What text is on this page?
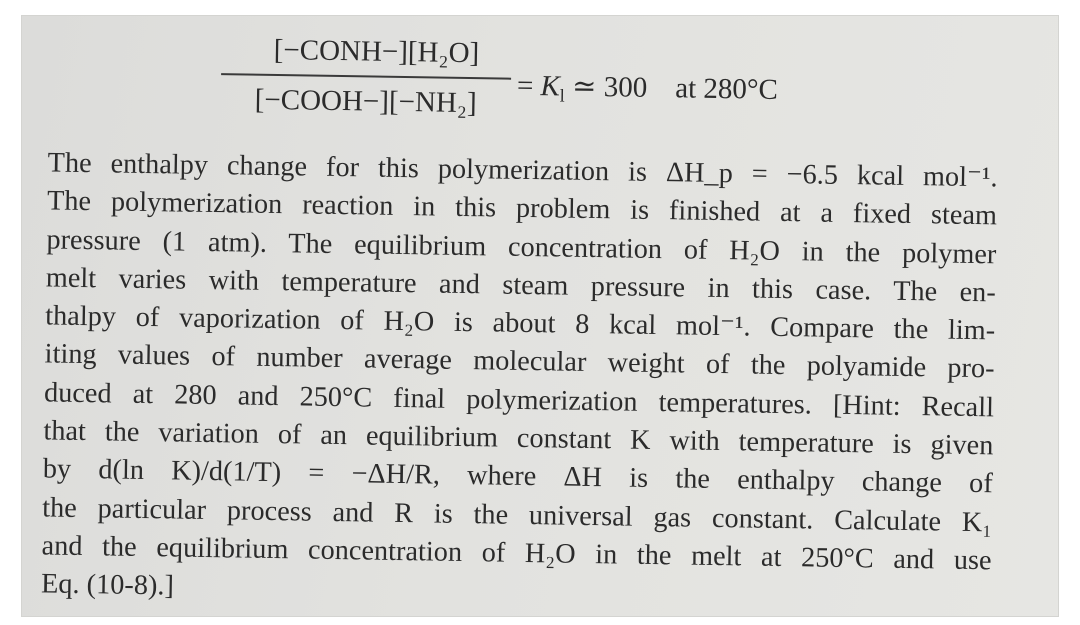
[−CONH−][H₂O]
[−COOH−][−NH₂]	= $K_l$ ≃ 300 at 280°C
The enthalpy change for this polymerization is ΔH_p = −6.5 kcal mol⁻¹.
The polymerization reaction in this problem is finished at a fixed steam
pressure (1 atm). The equilibrium concentration of H₂O in the polymer
melt varies with temperature and steam pressure in this case. The en-
thalpy of vaporization of H₂O is about 8 kcal mol⁻¹. Compare the lim-
iting values of number average molecular weight of the polyamide pro-
duced at 280 and 250°C final polymerization temperatures. [Hint: Recall
that the variation of an equilibrium constant K with temperature is given
by d(ln K)/d(1/T) = −ΔH/R, where ΔH is the enthalpy change of
the particular process and R is the universal gas constant. Calculate K₁
and the equilibrium concentration of H₂O in the melt at 250°C and use
Eq. (10-8).]
